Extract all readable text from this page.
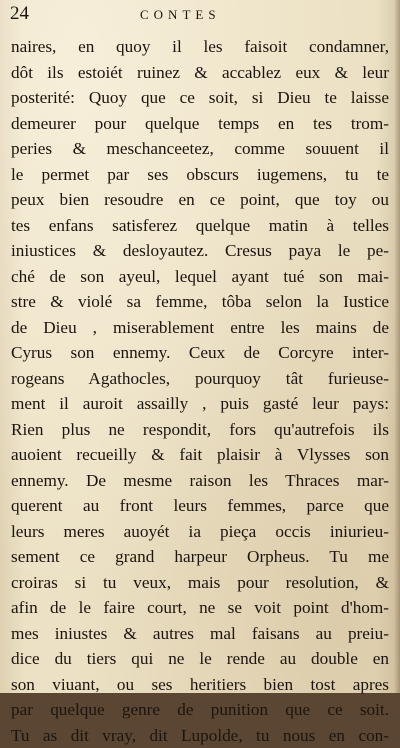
24	CONTES
naires, en quoy il les faisoit condamner,
dôt ils estoiét ruinez & accablez eux & leur
posterité: Quoy que ce soit, si Dieu te laisse
demeurer pour quelque temps en tes trom-
peries & meschanceetez, comme souuent il
le permet par ses obscurs iugemens, tu te
peux bien resoudre en ce point, que toy ou
tes enfans satisferez quelque matin à telles
iniustices & desloyautez. Cresus paya le pe-
ché de son ayeul, lequel ayant tué son mai-
stre & violé sa femme, tôba selon la Iustice
de Dieu , miserablement entre les mains de
Cyrus son ennemy. Ceux de Corcyre inter-
rogeans Agathocles, pourquoy tât furieuse-
ment il auroit assailly , puis gasté leur pays:
Rien plus ne respondit, fors qu'autrefois ils
auoient recueilly & fait plaisir à Vlysses son
ennemy. De mesme raison les Thraces mar-
querent au front leurs femmes, parce que
leurs meres auoyét ia pieça occis iniurieu-
sement ce grand harpeur Orpheus. Tu me
croiras si tu veux, mais pour resolution, &
afin de le faire court, ne se voit point d'hom-
mes iniustes & autres mal faisans au preiu-
dice du tiers qui ne le rende au double en
son viuant, ou ses heritiers bien tost apres
par quelque genre de punition que ce soit.
Tu as dit vray, dit Lupolde, tu nous en con-
